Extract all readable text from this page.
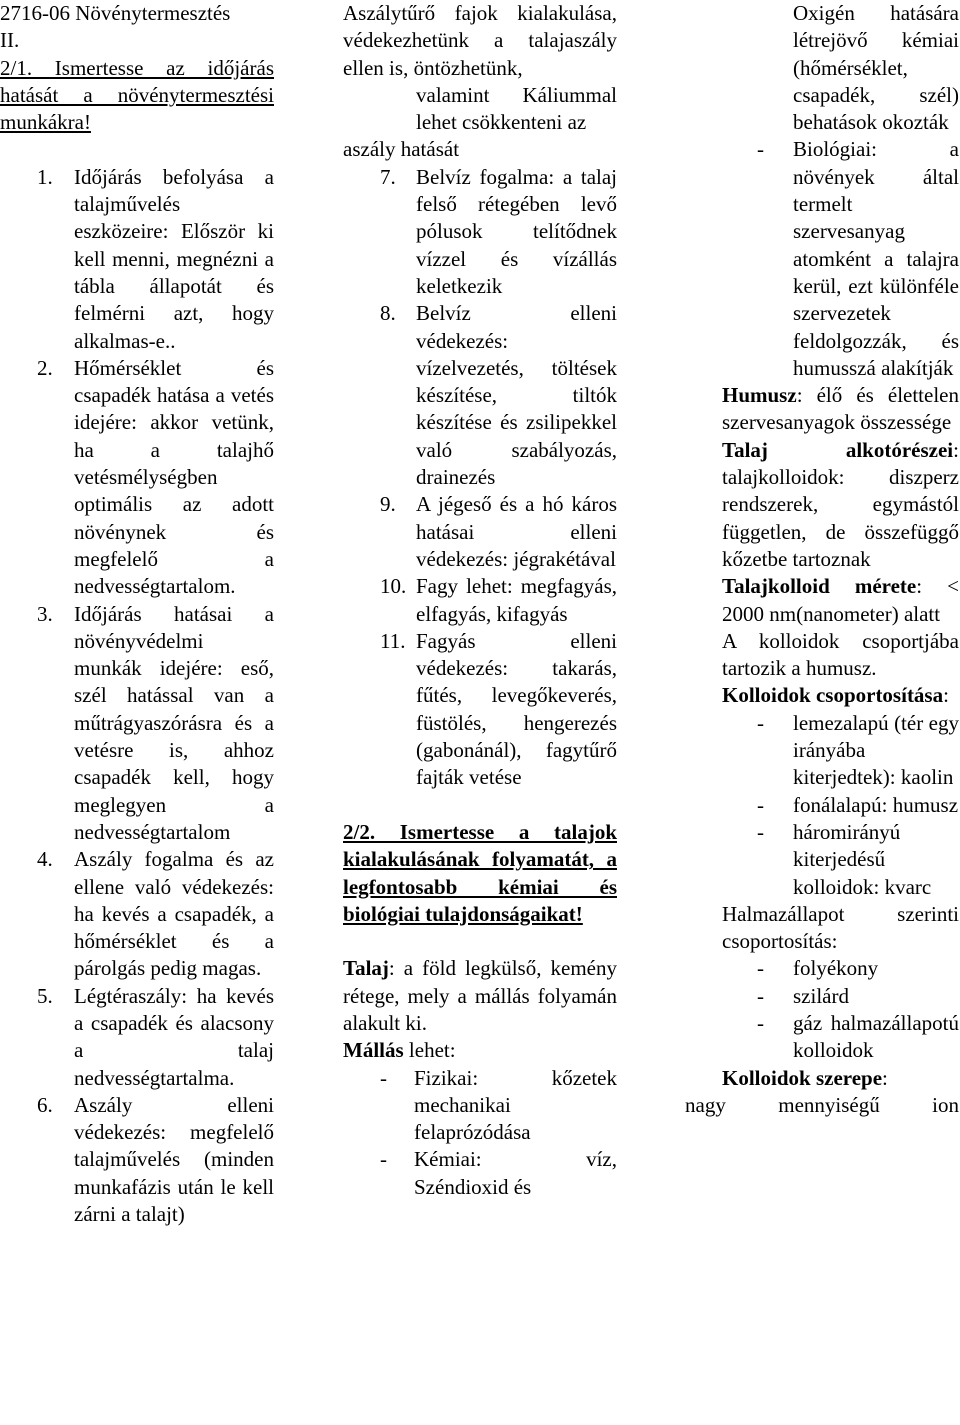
2716-06 Növénytermesztés

II.

2/1. Ismertesse az időjárás hatását a növénytermesztési munkákra!

1. Időjárás befolyása a talajművelés eszközeire: Először ki kell menni, megnézni a tábla állapotát és felmérni azt, hogy alkalmas-e..
2. Hőmérséklet és csapadék hatása a vetés idejére: akkor vetünk, ha a talajhő vetésmélységben optimális az adott növénynek és megfelelő a nedvességtartalom.
3. Időjárás hatásai a növényvédelmi munkák idejére: eső, szél hatással van a műtrágyaszórásra és a vetésre is, ahhoz csapadék kell, hogy meglegyen a nedvességtartalom
4. Aszály fogalma és az ellene való védekezés: ha kevés a csapadék, a hőmérséklet és a párolgás pedig magas.
5. Légtéraszály: ha kevés a csapadék és alacsony a talaj nedvességtartalma.
6. Aszály elleni védekezés: megfelelő talajművelés (minden munkafázis után le kell zárni a talajt)

Aszálytűrő fajok kialakulása, védekezhetünk a talajaszály ellen is, öntözhetünk,

valamint Káliummal lehet csökkenteni az

aszály hatását

7. Belvíz fogalma: a talaj felső rétegében levő pólusok telítődnek vízzel és vízállás keletkezik
8. Belvíz elleni védekezés: vízelvezetés, töltések készítése, tiltók készítése és zsilipekkel való szabályozás, drainezés
9. A jégeső és a hó káros hatásai elleni védekezés: jégrakétával
10. Fagy lehet: megfagyás, elfagyás, kifagyás
11. Fagyás elleni védekezés: takarás, fűtés, levegőkeverés, füstölés, hengerezés (gabonánál), fagytűrő fajták vetése

2/2. Ismertesse a talajok kialakulásának folyamatát, a legfontosabb kémiai és biológiai tulajdonságaikat!

Talaj: a föld legkülső, kemény rétege, mely a mállás folyamán alakult ki.

Mállás lehet:

- Fizikai: kőzetek mechanikai felaprózódása
- Kémiai: víz, Széndioxid és

Oxigén hatására létrejövő kémiai (hőmérséklet, csapadék, szél) behatások okozták

- Biológiai: a növények által termelt szervesanyag atomként a talajra kerül, ezt különféle szervezetek feldolgozzák, és humusszá alakítják

Humusz: élő és élettelen szervesanyagok összessége

Talaj alkotórészei: talajkolloidok: diszperz rendszerek, egymástól független, de összefüggő kőzetbe tartoznak

Talajkolloid mérete: < 2000 nm(nanometer) alatt

A kolloidok csoportjába tartozik a humusz.

Kolloidok csoportosítása:

- lemezalapú (tér egy irányába kiterjedtek): kaolin
- fonálalapú: humusz
- háromirányú kiterjedésű kolloidok: kvarc

Halmazállapot szerinti csoportosítás:

- folyékony
- szilárd
- gáz halmazállapotú kolloidok

Kolloidok szerepe:

nagy mennyiségű ion
